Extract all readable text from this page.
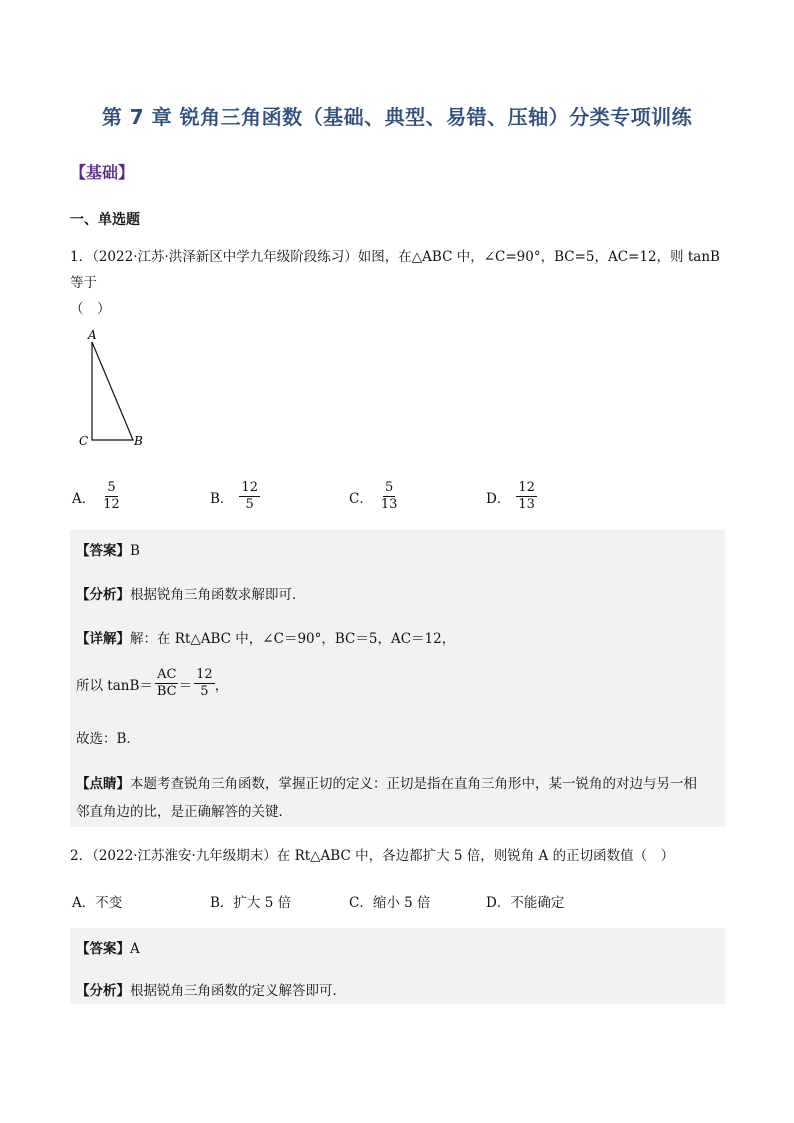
第 7 章 锐角三角函数（基础、典型、易错、压轴）分类专项训练
【基础】
一、单选题
1．（2022·江苏·洪泽新区中学九年级阶段练习）如图，在△ABC 中，∠C=90°，BC=5，AC=12，则 tanB 等于
（　）
A
C	B
A． $\frac{5}{12}$	B． $\frac{12}{5}$	C． $\frac{5}{13}$	D． $\frac{12}{13}$
【答案】B
【分析】根据锐角三角函数求解即可．
【详解】解：在 Rt△ABC 中，∠C＝90°，BC＝5，AC＝12，
所以 $\tan B= \frac{AC}{BC} = \frac{12}{5}$ ，
故选：B．
【点睛】本题考查锐角三角函数，掌握正切的定义：正切是指在直角三角形中，某一锐角的对边与另一相
邻直角边的比，是正确解答的关键．
2．（2022·江苏淮安·九年级期末）在 Rt△ABC 中，各边都扩大 5 倍，则锐角 A 的正切函数值（　）
A．不变	B．扩大 5 倍	C．缩小 5 倍	D．不能确定
【答案】A
【分析】根据锐角三角函数的定义解答即可．
